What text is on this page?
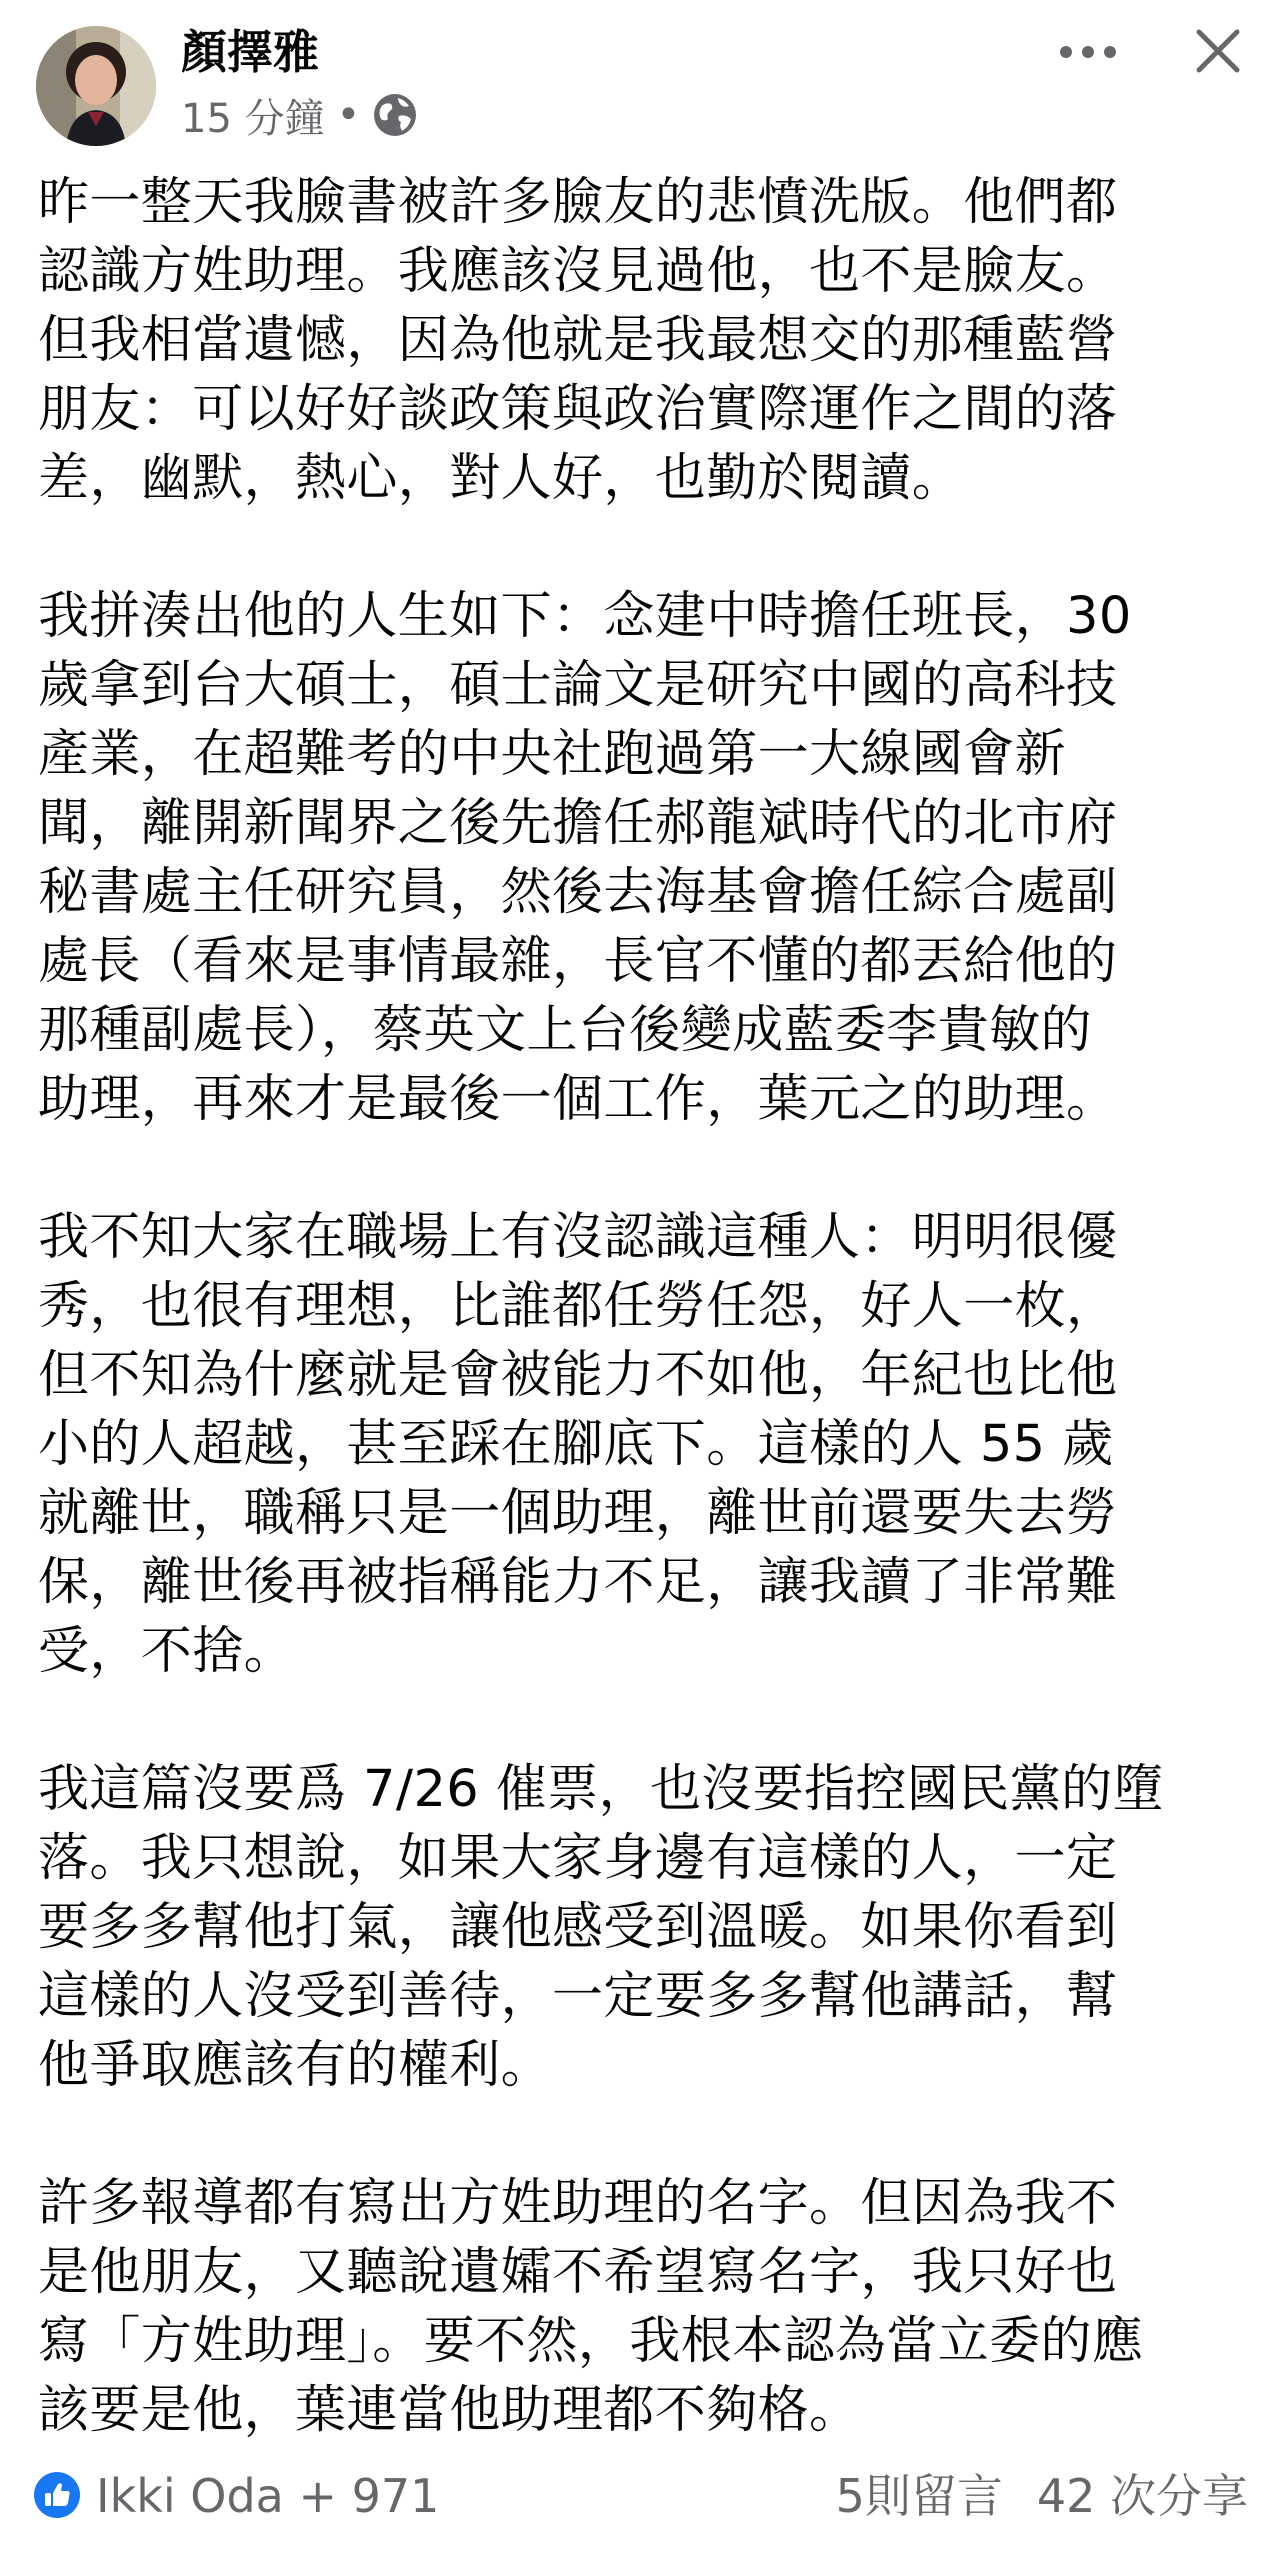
顏擇雅
15 分鐘 •
昨一整天我臉書被許多臉友的悲憤洗版。他們都
認識方姓助理。我應該沒見過他，也不是臉友。
但我相當遺憾，因為他就是我最想交的那種藍營
朋友：可以好好談政策與政治實際運作之間的落
差，幽默，熱心，對人好，也勤於閱讀。
我拼湊出他的人生如下：念建中時擔任班長，30
歲拿到台大碩士，碩士論文是研究中國的高科技
產業，在超難考的中央社跑過第一大線國會新
聞，離開新聞界之後先擔任郝龍斌時代的北市府
秘書處主任研究員，然後去海基會擔任綜合處副
處長（看來是事情最雜，長官不懂的都丟給他的
那種副處長），蔡英文上台後變成藍委李貴敏的
助理，再來才是最後一個工作，葉元之的助理。
我不知大家在職場上有沒認識這種人：明明很優
秀，也很有理想，比誰都任勞任怨，好人一枚，
但不知為什麼就是會被能力不如他，年紀也比他
小的人超越，甚至踩在腳底下。這樣的人 55 歲
就離世，職稱只是一個助理，離世前還要失去勞
保，離世後再被指稱能力不足，讓我讀了非常難
受，不捨。
我這篇沒要爲 7/26 催票，也沒要指控國民黨的墮
落。我只想說，如果大家身邊有這樣的人，一定
要多多幫他打氣，讓他感受到溫暖。如果你看到
這樣的人沒受到善待，一定要多多幫他講話，幫
他爭取應該有的權利。
許多報導都有寫出方姓助理的名字。但因為我不
是他朋友，又聽說遺孀不希望寫名字，我只好也
寫「方姓助理」。要不然，我根本認為當立委的應
該要是他，葉連當他助理都不夠格。
Ikki Oda + 971	5則留言 42 次分享
